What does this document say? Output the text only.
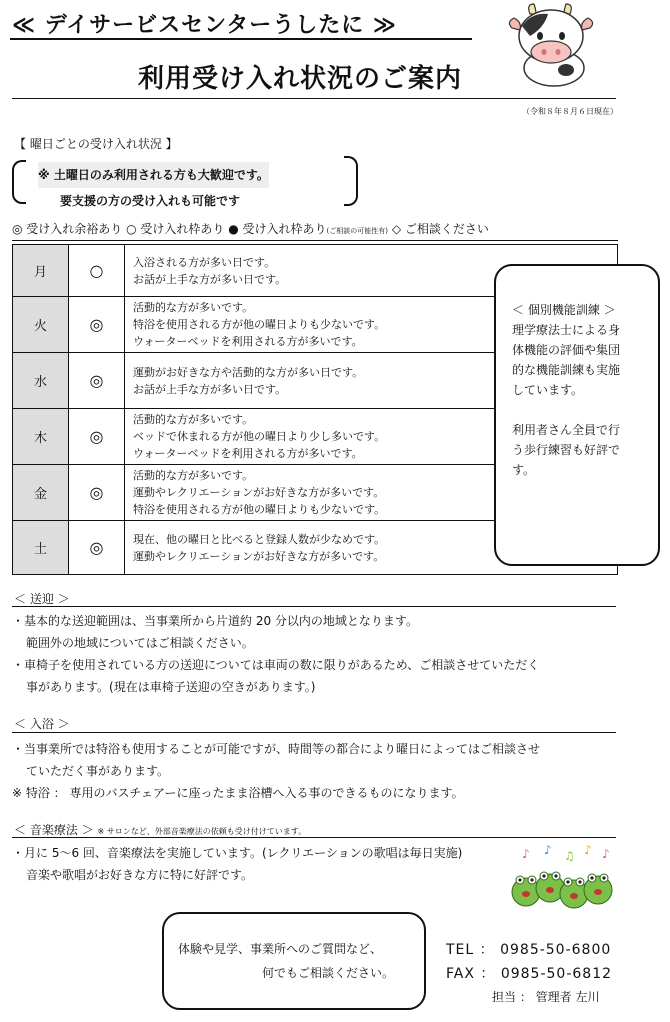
≪ デイサービスセンターうしたに ≫
利用受け入れ状況のご案内
（令和８年８月６日現在）
【 曜日ごとの受け入れ状況 】
※ 土曜日のみ利用される方も大歓迎です。
要支援の方の受け入れも可能です
◎ 受け入れ余裕あり ○ 受け入れ枠あり ● 受け入れ枠あり(ご相談の可能性有) ◇ ご相談ください
月	○	入浴される方が多い日です。
お話が上手な方が多い日です。

火	◎	活動的な方が多いです。
特浴を使用される方が他の曜日よりも少ないです。
ウォーターベッドを利用される方が多いです。

水	◎	運動がお好きな方や活動的な方が多い日です。
お話が上手な方が多い日です。

木	◎	活動的な方が多いです。
ベッドで休まれる方が他の曜日より少し多いです。
ウォーターベッドを利用される方が多いです。

金	◎	活動的な方が多いです。
運動やレクリエーションがお好きな方が多いです。
特浴を使用される方が他の曜日よりも少ないです。

土	◎	現在、他の曜日と比べると登録人数が少なめです。
運動やレクリエーションがお好きな方が多いです。
＜ 個別機能訓練 ＞
理学療法士による身
体機能の評価や集団
的な機能訓練も実施
しています。
利用者さん全員で行
う歩行練習も好評で
す。
＜ 送迎 ＞
・基本的な送迎範囲は、当事業所から片道約 20 分以内の地域となります。
範囲外の地域についてはご相談ください。
・車椅子を使用されている方の送迎については車両の数に限りがあるため、ご相談させていただく
事があります。(現在は車椅子送迎の空きがあります。)
＜ 入浴 ＞
・当事業所では特浴も使用することが可能ですが、時間等の都合により曜日によってはご相談させ
ていただく事があります。
※ 特浴 ： 専用のバスチェアーに座ったまま浴槽へ入る事のできるものになります。
＜ 音楽療法 ＞ ※ サロンなど、外部音楽療法の依頼も受け付けています。
・月に 5～6 回、音楽療法を実施しています。(レクリエーションの歌唱は毎日実施)
音楽や歌唱がお好きな方に特に好評です。
♪ ♪ ♫ ♪ ♪
体験や見学、事業所へのご質問など、
何でもご相談ください。
TEL ： 0985-50-6800
FAX ： 0985-50-6812
担当 ： 管理者 左川
